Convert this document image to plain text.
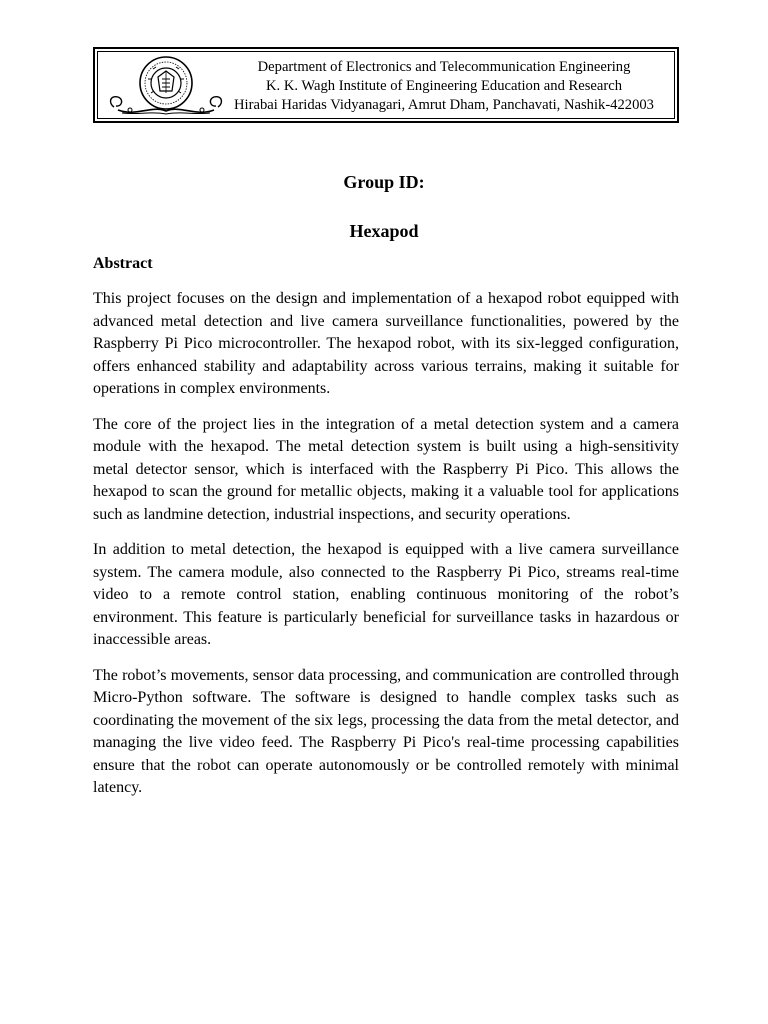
Department of Electronics and Telecommunication Engineering
K. K. Wagh Institute of Engineering Education and Research
Hirabai Haridas Vidyanagari, Amrut Dham, Panchavati, Nashik-422003
Group ID:
Hexapod
Abstract

This project focuses on the design and implementation of a hexapod robot equipped with advanced metal detection and live camera surveillance functionalities, powered by the Raspberry Pi Pico microcontroller. The hexapod robot, with its six-legged configuration, offers enhanced stability and adaptability across various terrains, making it suitable for operations in complex environments.

The core of the project lies in the integration of a metal detection system and a camera module with the hexapod. The metal detection system is built using a high-sensitivity metal detector sensor, which is interfaced with the Raspberry Pi Pico. This allows the hexapod to scan the ground for metallic objects, making it a valuable tool for applications such as landmine detection, industrial inspections, and security operations.

In addition to metal detection, the hexapod is equipped with a live camera surveillance system. The camera module, also connected to the Raspberry Pi Pico, streams real-time video to a remote control station, enabling continuous monitoring of the robot’s environment. This feature is particularly beneficial for surveillance tasks in hazardous or inaccessible areas.

The robot’s movements, sensor data processing, and communication are controlled through Micro-Python software. The software is designed to handle complex tasks such as coordinating the movement of the six legs, processing the data from the metal detector, and managing the live video feed. The Raspberry Pi Pico's real-time processing capabilities ensure that the robot can operate autonomously or be controlled remotely with minimal latency.
